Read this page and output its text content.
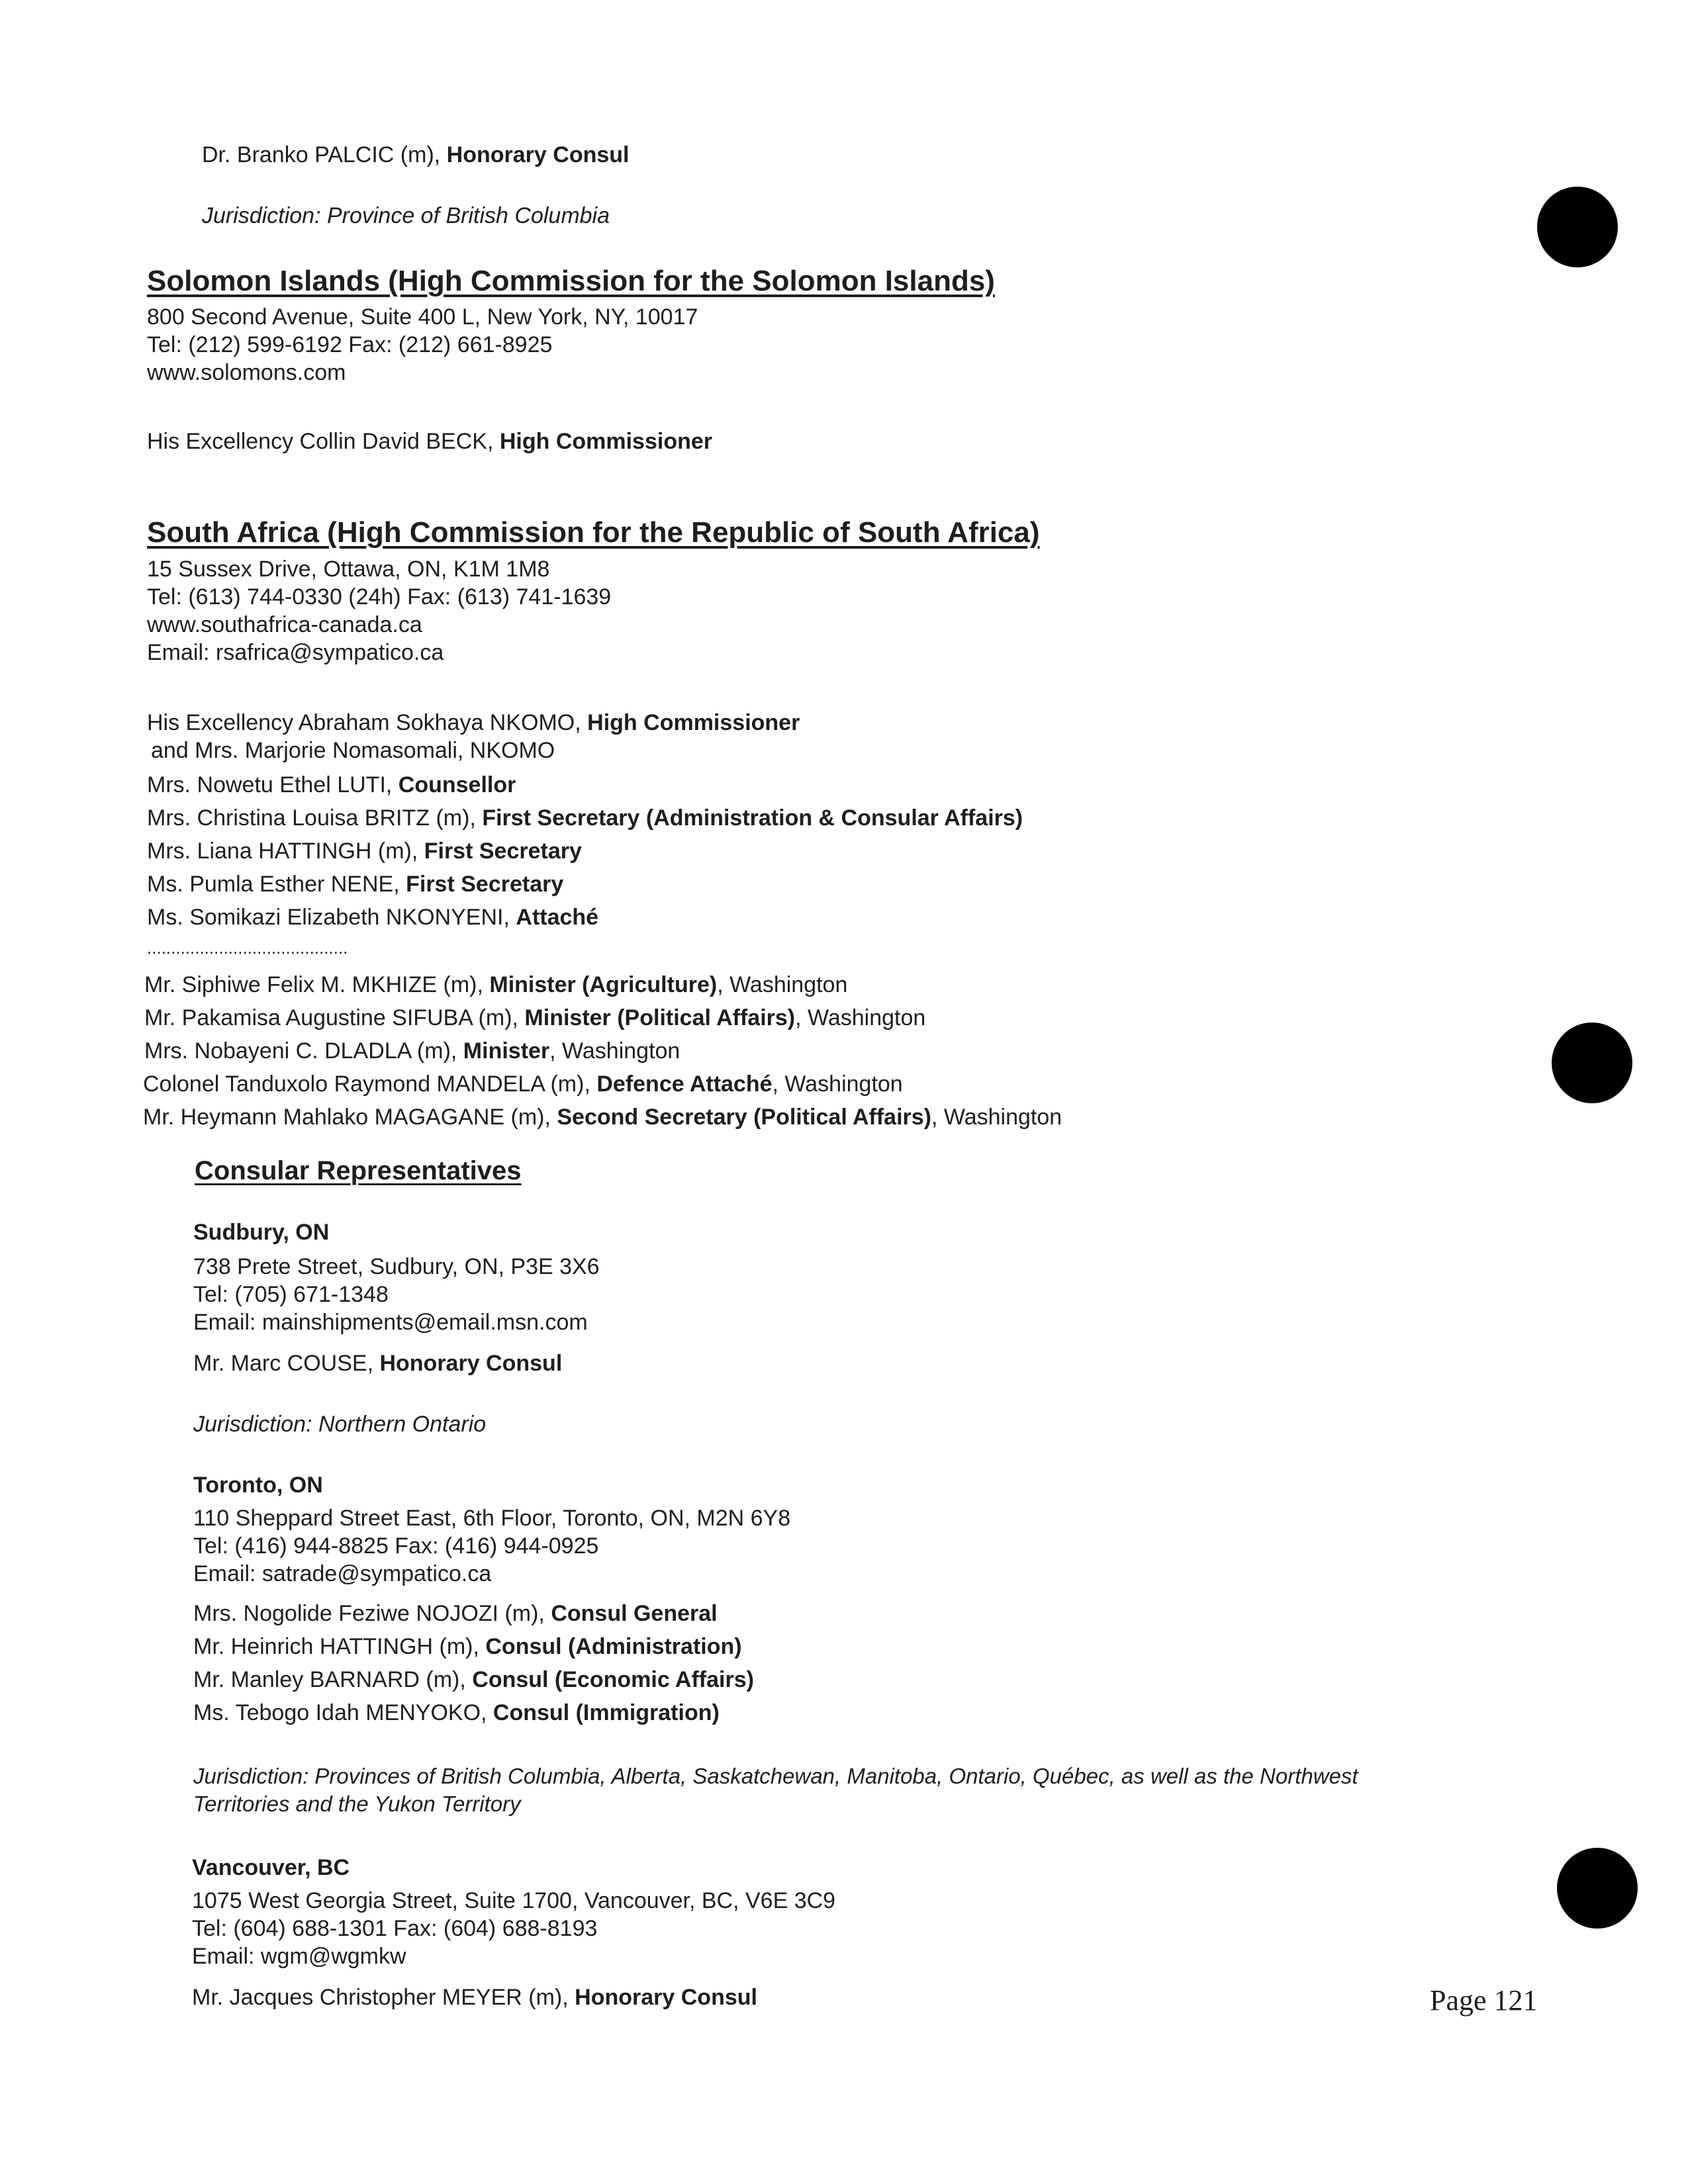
Dr. Branko PALCIC (m), Honorary Consul
Jurisdiction: Province of British Columbia
Solomon Islands (High Commission for the Solomon Islands)
800 Second Avenue, Suite 400 L, New York, NY, 10017
Tel: (212) 599-6192 Fax: (212) 661-8925
www.solomons.com
His Excellency Collin David BECK, High Commissioner
South Africa (High Commission for the Republic of South Africa)
15 Sussex Drive, Ottawa, ON, K1M 1M8
Tel: (613) 744-0330 (24h) Fax: (613) 741-1639
www.southafrica-canada.ca
Email: rsafrica@sympatico.ca
His Excellency Abraham Sokhaya NKOMO, High Commissioner
and Mrs. Marjorie Nomasomali, NKOMO
Mrs. Nowetu Ethel LUTI, Counsellor
Mrs. Christina Louisa BRITZ (m), First Secretary (Administration & Consular Affairs)
Mrs. Liana HATTINGH (m), First Secretary
Ms. Pumla Esther NENE, First Secretary
Ms. Somikazi Elizabeth NKONYENI, Attaché
..........................................
Mr. Siphiwe Felix M. MKHIZE (m), Minister (Agriculture), Washington
Mr. Pakamisa Augustine SIFUBA (m), Minister (Political Affairs), Washington
Mrs. Nobayeni C. DLADLA (m), Minister, Washington
Colonel Tanduxolo Raymond MANDELA (m), Defence Attaché, Washington
Mr. Heymann Mahlako MAGAGANE (m), Second Secretary (Political Affairs), Washington
Consular Representatives
Sudbury, ON
738 Prete Street, Sudbury, ON, P3E 3X6
Tel: (705) 671-1348
Email: mainshipments@email.msn.com
Mr. Marc COUSE, Honorary Consul
Jurisdiction: Northern Ontario
Toronto, ON
110 Sheppard Street East, 6th Floor, Toronto, ON, M2N 6Y8
Tel: (416) 944-8825 Fax: (416) 944-0925
Email: satrade@sympatico.ca
Mrs. Nogolide Feziwe NOJOZI (m), Consul General
Mr. Heinrich HATTINGH (m), Consul (Administration)
Mr. Manley BARNARD (m), Consul (Economic Affairs)
Ms. Tebogo Idah MENYOKO, Consul (Immigration)
Jurisdiction: Provinces of British Columbia, Alberta, Saskatchewan, Manitoba, Ontario, Québec, as well as the Northwest
Territories and the Yukon Territory
Vancouver, BC
1075 West Georgia Street, Suite 1700, Vancouver, BC, V6E 3C9
Tel: (604) 688-1301 Fax: (604) 688-8193
Email: wgm@wgmkw
Mr. Jacques Christopher MEYER (m), Honorary Consul	Page 121
